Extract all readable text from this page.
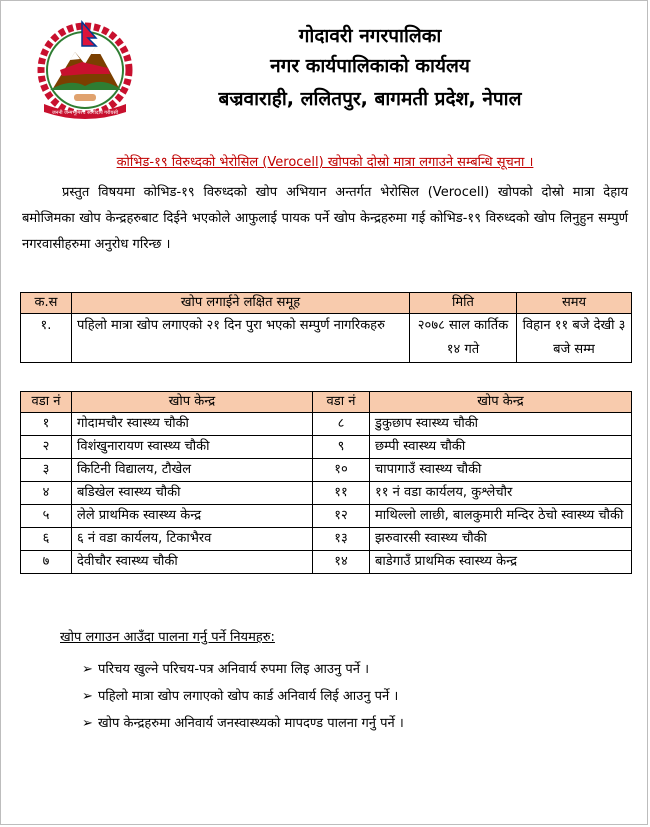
जननी जन्मभूमिश्च स्वर्गादपि गरीयसी
गोदावरी नगरपालिका
नगर कार्यपालिकाको कार्यलय
बज्रवाराही, ललितपुर, बागमती प्रदेश, नेपाल
कोभिड-१९ विरुध्दको भेरोसिल (Verocell) खोपको दोस्रो मात्रा लगाउने सम्बन्धि सूचना ।

प्रस्तुत विषयमा कोभिड-१९ विरुध्दको खोप अभियान अन्तर्गत भेरोसिल (Verocell) खोपको दोस्रो मात्रा देहाय बमोजिमका खोप केन्द्रहरुबाट दिईने भएकोले आफुलाई पायक पर्ने खोप केन्द्रहरुमा गई कोभिड-१९ विरुध्दको खोप लिनुहुन सम्पुर्ण नगरवासीहरुमा अनुरोध गरिन्छ ।

क.स	खोप लगाईने लक्षित समूह	मिति	समय
१.	पहिलो मात्रा खोप लगाएको २१ दिन पुरा भएको सम्पुर्ण नागरिकहरु	२०७८ साल कार्तिक १४ गते	विहान ११ बजे देखी ३ बजे सम्म
वडा नं	खोप केन्द्र	वडा नं	खोप केन्द्र
१	गोदामचौर स्वास्थ्य चौकी	८	डुकुछाप स्वास्थ्य चौकी
२	विशंखुनारायण स्वास्थ्य चौकी	९	छम्पी स्वास्थ्य चौकी
३	किटिनी विद्यालय, टौखेल	१०	चापागाउँ स्वास्थ्य चौकी
४	बडिखेल स्वास्थ्य चौकी	११	११ नं वडा कार्यलय, कुश्लेचौर
५	लेले प्राथमिक स्वास्थ्य केन्द्र	१२	माथिल्लो लाछी, बालकुमारी मन्दिर ठेचो स्वास्थ्य चौकी
६	६ नं वडा कार्यलय, टिकाभैरव	१३	झरुवारसी स्वास्थ्य चौकी
७	देवीचौर स्वास्थ्य चौकी	१४	बाडेगाउँ प्राथमिक स्वास्थ्य केन्द्र
खोप लगाउन आउँदा पालना गर्नु पर्ने नियमहरु:
➢ परिचय खुल्ने परिचय-पत्र अनिवार्य रुपमा लिइ आउनु पर्ने ।
➢ पहिलो मात्रा खोप लगाएको खोप कार्ड अनिवार्य लिई आउनु पर्ने ।
➢ खोप केन्द्रहरुमा अनिवार्य जनस्वास्थ्यको मापदण्ड पालना गर्नु पर्ने ।
